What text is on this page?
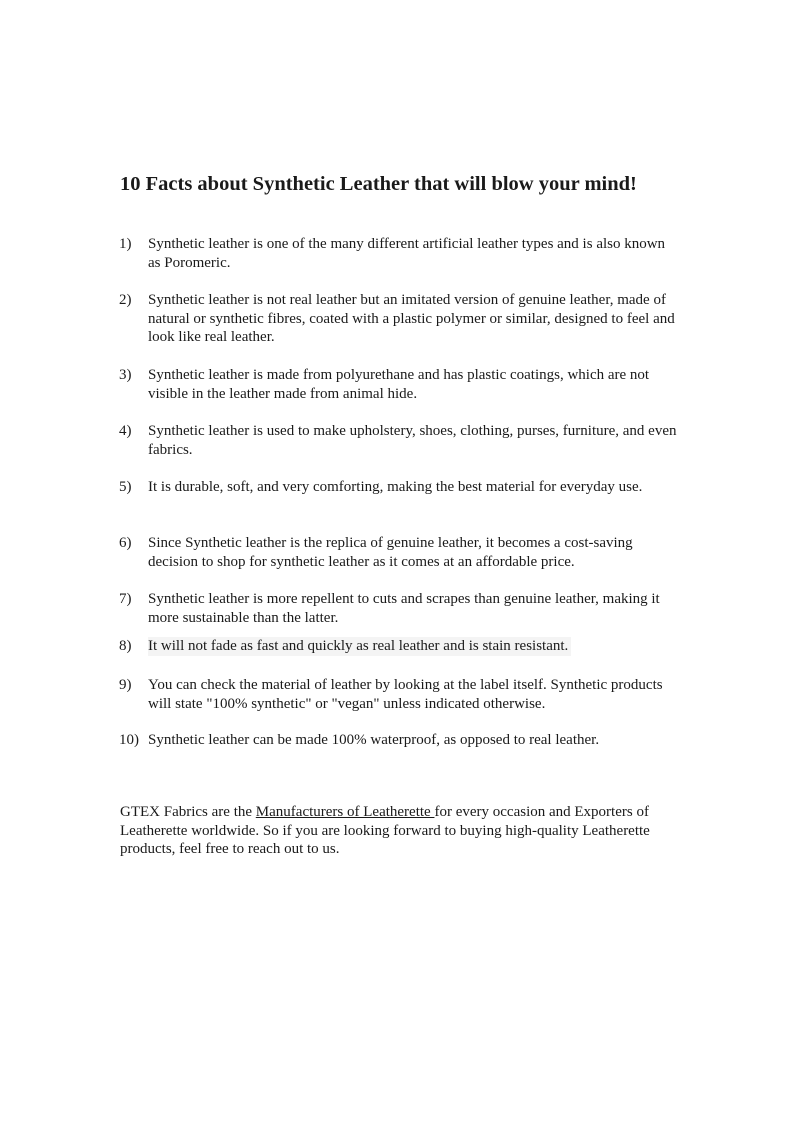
10 Facts about Synthetic Leather that will blow your mind!
1) Synthetic leather is one of the many different artificial leather types and is also known as Poromeric.
2) Synthetic leather is not real leather but an imitated version of genuine leather, made of natural or synthetic fibres, coated with a plastic polymer or similar, designed to feel and look like real leather.
3) Synthetic leather is made from polyurethane and has plastic coatings, which are not visible in the leather made from animal hide.
4) Synthetic leather is used to make upholstery, shoes, clothing, purses, furniture, and even fabrics.
5) It is durable, soft, and very comforting, making the best material for everyday use.
6) Since Synthetic leather is the replica of genuine leather, it becomes a cost-saving decision to shop for synthetic leather as it comes at an affordable price.
7) Synthetic leather is more repellent to cuts and scrapes than genuine leather, making it more sustainable than the latter.
8) It will not fade as fast and quickly as real leather and is stain resistant.
9) You can check the material of leather by looking at the label itself. Synthetic products will state "100% synthetic" or "vegan" unless indicated otherwise.
10) Synthetic leather can be made 100% waterproof, as opposed to real leather.

GTEX Fabrics are the Manufacturers of Leatherette for every occasion and Exporters of Leatherette worldwide. So if you are looking forward to buying high-quality Leatherette products, feel free to reach out to us.
